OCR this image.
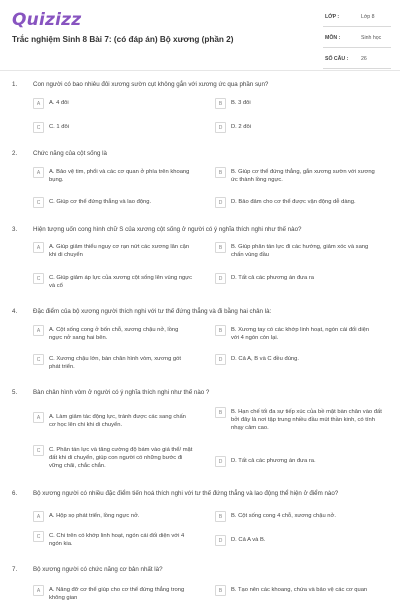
Quizizz
Trắc nghiệm Sinh 8 Bài 7: (có đáp án) Bộ xương (phần 2)
LỚP :	Lớp 8
MÔN :	Sinh học
SỐ CÂU : 26
1.	Con người có bao nhiêu đôi xương sườn cụt không gắn với xương ức qua phần sụn?
A	A. 4 đôi	B	B. 3 đôi
C	C. 1 đôi	D	D. 2 đôi
2.	Chức năng của cột sống là
A	A. Bảo vệ tim, phổi và các cơ quan ở phía trên khoang bụng.
B	B. Giúp cơ thể đứng thẳng, gắn xương sườn với xương ức thành lồng ngực.
C	C. Giúp cơ thể đứng thẳng và lao động.	D	D. Bảo đảm cho cơ thể được vận động dễ dàng.
3.	Hiện tượng uốn cong hình chữ S của xương cột sống ở người có ý nghĩa thích nghi như thế nào?
A	A. Giúp giảm thiểu nguy cơ rạn nứt các xương lân cận khi di chuyển
B	B. Giúp phân tán lực đi các hướng, giảm xóc và sang chấn vùng đầu
C	C. Giúp giảm áp lực của xương cột sống lên vùng ngực và cổ
D	D. Tất cả các phương án đưa ra
4.	Đặc điểm của bộ xương người thích nghi với tư thế đứng thẳng và đi bằng hai chân là:
A	A. Cột sống cong ở bốn chỗ, xương chậu nở, lồng ngực nở sang hai bên.
B	B. Xương tay có các khớp linh hoạt, ngón cái đối diện với 4 ngón còn lại.
C	C. Xương chậu lớn, bàn chân hình vòm, xương gót phát triển.
D	D. Cả A, B và C đều đúng.
5.	Bàn chân hình vòm ở người có ý nghĩa thích nghi như thế nào ?
A	A. Làm giảm tác động lực, tránh được các sang chấn cơ học lên chi khi di chuyển.
B	B. Hạn chế tối đa sự tiếp xúc của bề mặt bàn chân vào đất bởi đây là nơi tập trung nhiều đầu mút thần kinh, có tính nhạy cảm cao.
C	C. Phân tán lực và tăng cường độ bám vào giá thể/ mặt đất khi di chuyển, giúp con người có những bước đi vững chãi, chắc chắn.
D	D. Tất cả các phương án đưa ra.
6.	Bộ xương người có nhiều đặc điểm tiến hoá thích nghi với tư thế đứng thẳng và lao động thể hiện ở điểm nào?
A	A. Hộp sọ phát triển, lồng ngực nở.	B	B. Cột sống cong 4 chỗ, xương chậu nở.
C	C. Chi trên có khớp linh hoạt, ngón cái đối diện với 4 ngón kia.
D	D. Cả A và B.
7.	Bộ xương người có chức năng cơ bản nhất là?
A	A. Nâng đỡ cơ thể giúp cho cơ thể đứng thẳng trong không gian
B	B. Tạo nên các khoang, chứa và bảo vệ các cơ quan
